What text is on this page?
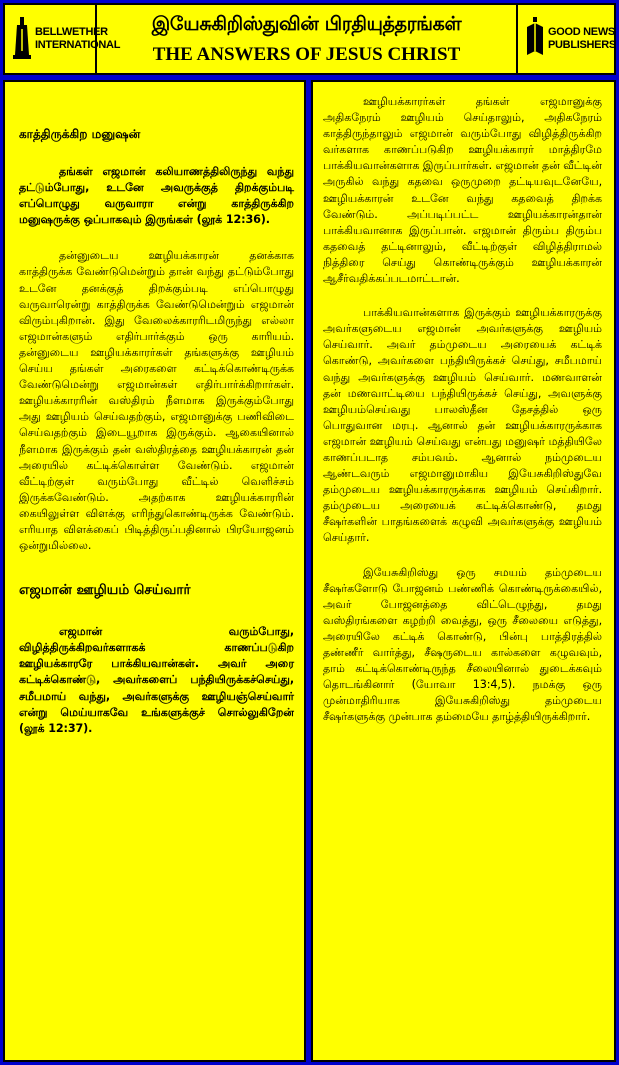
BELLWETHER
INTERNATIONAL
இயேசுகிறிஸ்துவின் பிரதியுத்தரங்கள்
THE ANSWERS OF JESUS CHRIST
GOOD NEWS
PUBLISHERS
காத்திருக்கிற மனுஷன்

தங்கள் எஜமான் கலியாணத்திலிருந்து வந்து தட்டும்போது, உடனே அவருக்குத் திறக்கும்படி எப்பொழுது வருவாரா என்று காத்திருக்கிற மனுஷருக்கு ஒப்பாகவும் இருங்கள் (லூக் 12:36).

தன்னுடைய ஊழியக்காரன் தனக்காக காத்திருக்க வேண்டுமென்றும் தான் வந்து தட்டும்போது உடனே தனக்குத் திறக்கும்படி எப்பொழுது வருவாரென்று காத்திருக்க வேண்டுமென்றும் எஜமான் விரும்புகிறான். இது வேலைக்காரரிடமிருந்து எல்லா எஜமான்களும் எதிர்பார்க்கும் ஒரு காரியம். தன்னுடைய ஊழியக்காரர்கள் தங்களுக்கு ஊழியம் செய்ய தங்கள் அரைகளை கட்டிக்கொண்டிருக்க வேண்டுமென்று எஜமான்கள் எதிர்பார்க்கிறார்கள். ஊழியக்காரரின் வஸ்திரம் நீளமாக இருக்கும்போது அது ஊழியம் செய்வதற்கும், எஜமானுக்கு பணிவிடை செய்வதற்கும் இடையூறாக இருக்கும். ஆகையினால் நீளமாக இருக்கும் தன் வஸ்திரத்தை ஊழியக்காரன் தன் அரையில் கட்டிக்கொள்ள வேண்டும். எஜமான் வீட்டிற்குள் வரும்போது வீட்டில் வெளிச்சம் இருக்கவேண்டும். அதற்காக ஊழியக்காரரின் கையிலுள்ள விளக்கு எரிந்துகொண்டிருக்க வேண்டும். எரியாத விளக்கைப் பிடித்திருப்பதினால் பிரயோஜனம் ஒன்றுமில்லை.

எஜமான் ஊழியம் செய்வார்

எஜமான் வரும்போது, விழித்திருக்கிறவர்களாகக் காணப்படுகிற ஊழியக்காரரே பாக்கியவான்கள். அவர் அரை கட்டிக்கொண்டு, அவர்களைப் பந்தியிருக்கச்செய்து, சமீபமாய் வந்து, அவர்களுக்கு ஊழியஞ்செய்வார் என்று மெய்யாகவே உங்களுக்குச் சொல்லுகிறேன் (லூக் 12:37).

ஊழியக்காரர்கள் தங்கள் எஜமானுக்கு அதிகநேரம் ஊழியம் செய்தாலும், அதிகநேரம் காத்திருந்தாலும் எஜமான் வரும்போது விழித்திருக்கிற வர்களாக காணப்படுகிற ஊழியக்காரர் மாத்திரமே பாக்கியவான்களாக இருப்பார்கள். எஜமான் தன் வீட்டின் அருகில் வந்து கதவை ஒருமுறை தட்டியவுடனேயே, ஊழியக்காரன் உடனே வந்து கதவைத் திறக்க வேண்டும். அப்படிப்பட்ட ஊழியக்காரன்தான் பாக்கியவானாக இருப்பான். எஜமான் திரும்ப திரும்ப கதவைத் தட்டினாலும், வீட்டிற்குள் விழித்திராமல் நித்திரை செய்து கொண்டிருக்கும் ஊழியக்காரன் ஆசீர்வதிக்கப்படமாட்டான்.

பாக்கியவான்களாக இருக்கும் ஊழியக்காரருக்கு அவர்களுடைய எஜமான் அவர்களுக்கு ஊழியம் செய்வார். அவர் தம்முடைய அரையைக் கட்டிக் கொண்டு, அவர்களை பந்தியிருக்கச் செய்து, சமீபமாய் வந்து அவர்களுக்கு ஊழியம் செய்வார். மணவாளன் தன் மணவாட்டியை பந்தியிருக்கச் செய்து, அவளுக்கு ஊழியம்செய்வது பாலஸ்தீன தேசத்தில் ஒரு பொதுவான மரபு. ஆனால் தன் ஊழியக்காரருக்காக எஜமான் ஊழியம் செய்வது என்பது மனுஷர் மத்தியிலே காணப்படாத சம்பவம். ஆனால் நம்முடைய ஆண்டவரும் எஜமானுமாகிய இயேசுகிறிஸ்துவே தம்முடைய ஊழியக்காரருக்காக ஊழியம் செய்கிறார். தம்முடைய அரையைக் கட்டிக்கொண்டு, தமது சீஷர்களின் பாதங்களைக் கழுவி அவர்களுக்கு ஊழியம் செய்தார்.

இயேசுகிறிஸ்து ஒரு சமயம் தம்முடைய சீஷர்களோடு போஜனம் பண்ணிக் கொண்டிருக்கையில், அவர் போஜனத்தை விட்டெழுந்து, தமது வஸ்திரங்களை கழற்றி வைத்து, ஒரு சீலையை எடுத்து, அரையிலே கட்டிக் கொண்டு, பின்பு பாத்திரத்தில் தண்ணீர் வார்த்து, சீஷருடைய கால்களை கழுவவும், தாம் கட்டிக்கொண்டிருந்த சீலையினால் துடைக்கவும் தொடங்கினார் (யோவா 13:4,5). நமக்கு ஒரு முன்மாதிரியாக இயேசுகிறிஸ்து தம்முடைய சீஷர்களுக்கு முன்பாக தம்மையே தாழ்த்தியிருக்கிறார்.
